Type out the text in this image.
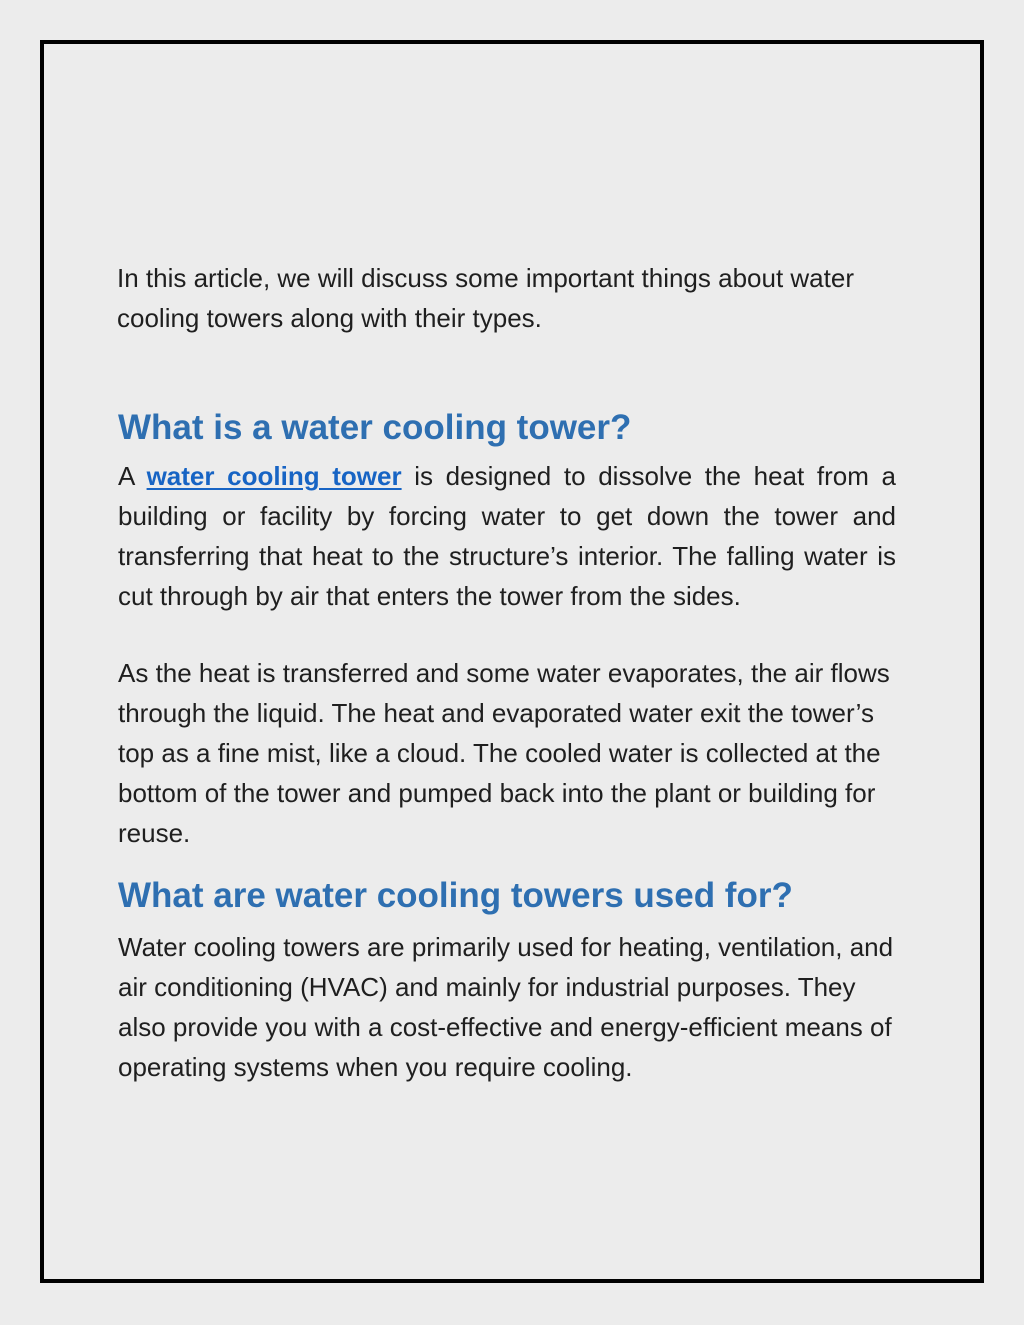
In this article, we will discuss some important things about water cooling towers along with their types.

What is a water cooling tower?

A water cooling tower is designed to dissolve the heat from a building or facility by forcing water to get down the tower and transferring that heat to the structure’s interior. The falling water is cut through by air that enters the tower from the sides.

As the heat is transferred and some water evaporates, the air flows through the liquid. The heat and evaporated water exit the tower’s top as a fine mist, like a cloud. The cooled water is collected at the bottom of the tower and pumped back into the plant or building for reuse.

What are water cooling towers used for?

Water cooling towers are primarily used for heating, ventilation, and air conditioning (HVAC) and mainly for industrial purposes. They also provide you with a cost-effective and energy-efficient means of operating systems when you require cooling.
